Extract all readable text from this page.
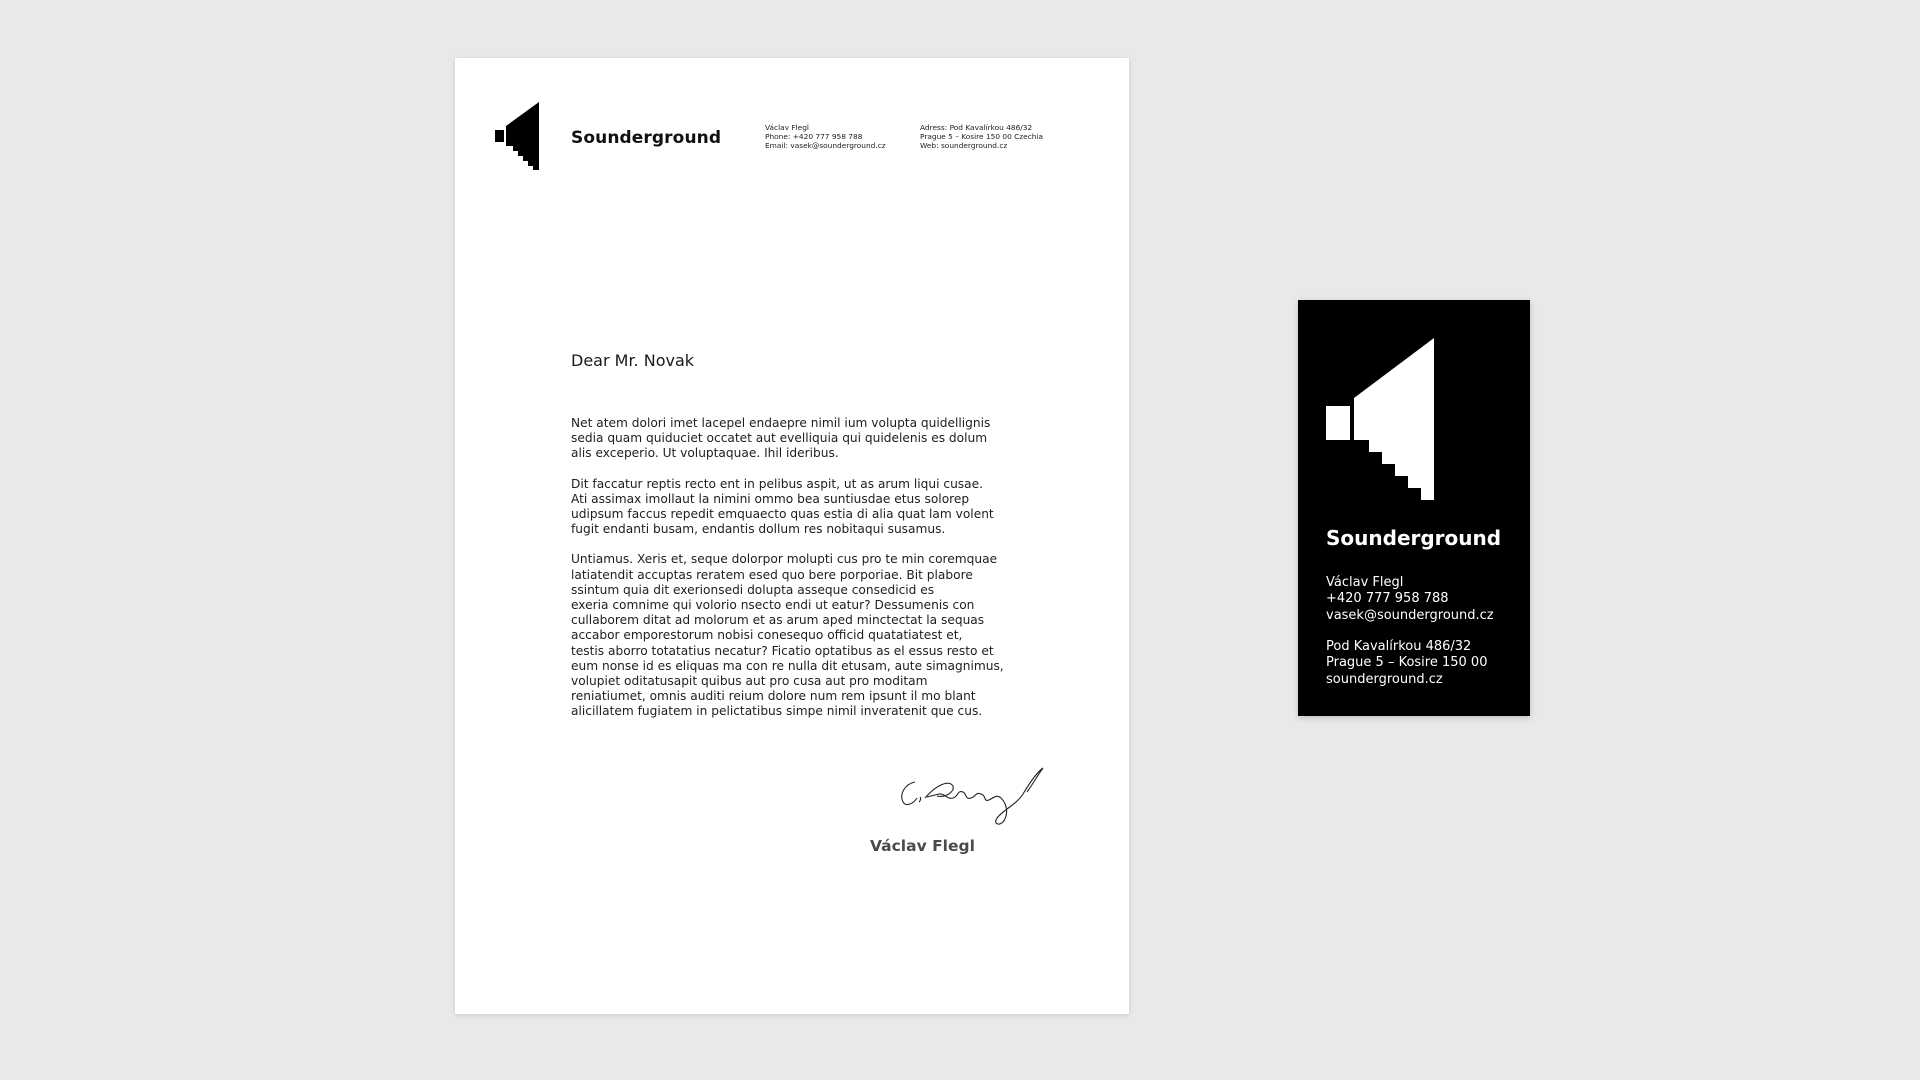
Sounderground
Václav Flegl
Phone: +420 777 958 788
Email: vasek@sounderground.cz
Adress: Pod Kavalírkou 486/32
Prague 5 – Kosire 150 00 Czechia
Web: sounderground.cz
Dear Mr. Novak

Net atem dolori imet lacepel endaepre nimil ium volupta quidellignis
sedia quam quiduciet occatet aut evelliquia qui quidelenis es dolum
alis exceperio. Ut voluptaquae. Ihil ideribus.

Dit faccatur reptis recto ent in pelibus aspit, ut as arum liqui cusae.
Ati assimax imollaut la nimini ommo bea suntiusdae etus solorep
udipsum faccus repedit emquaecto quas estia di alia quat lam volent
fugit endanti busam, endantis dollum res nobitaqui susamus.

Untiamus. Xeris et, seque dolorpor molupti cus pro te min coremquae
latiatendit accuptas reratem esed quo bere porporiae. Bit plabore
ssintum quia dit exerionsedi dolupta asseque consedicid es
exeria comnime qui volorio nsecto endi ut eatur? Dessumenis con
cullaborem ditat ad molorum et as arum aped minctectat la sequas
accabor emporestorum nobisi conesequo officid quatatiatest et,
testis aborro totatatius necatur? Ficatio optatibus as el essus resto et
eum nonse id es eliquas ma con re nulla dit etusam, aute simagnimus,
volupiet oditatusapit quibus aut pro cusa aut pro moditam
reniatiumet, omnis auditi reium dolore num rem ipsunt il mo blant
alicillatem fugiatem in pelictatibus simpe nimil inveratenit que cus.

Václav Flegl
Sounderground
Václav Flegl
+420 777 958 788
vasek@sounderground.cz
Pod Kavalírkou 486/32
Prague 5 – Kosire 150 00
sounderground.cz
